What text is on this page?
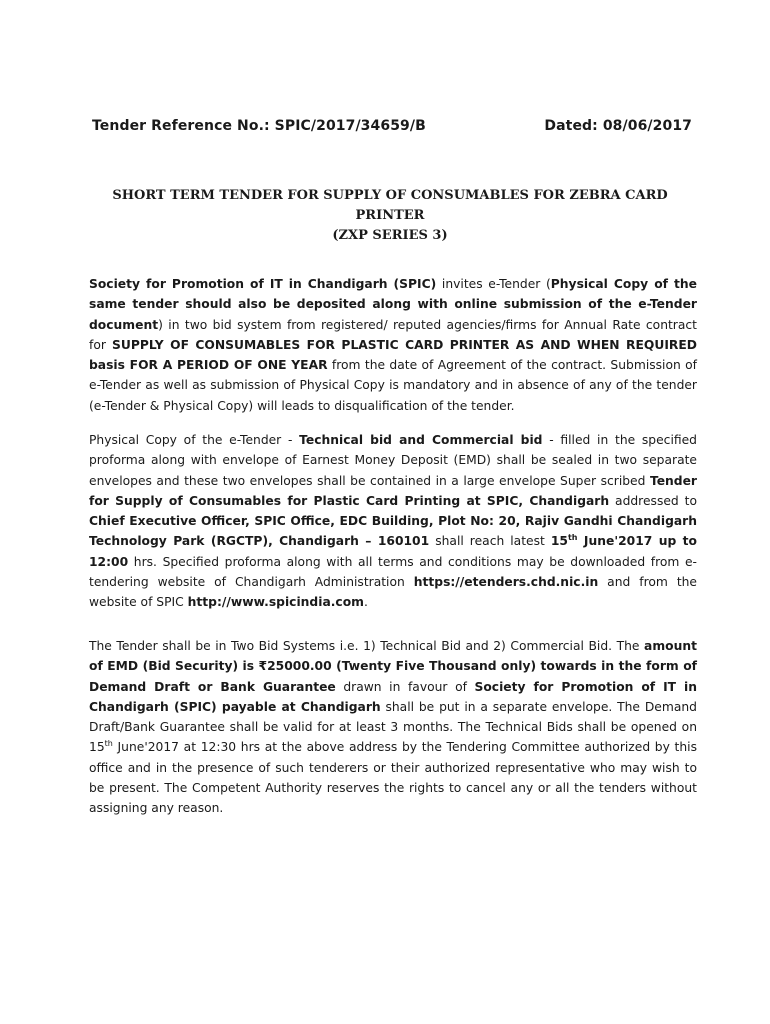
Tender Reference No.: SPIC/2017/34659/B	Dated: 08/06/2017
SHORT TERM TENDER FOR SUPPLY OF CONSUMABLES FOR ZEBRA CARD PRINTER
(ZXP SERIES 3)
Society for Promotion of IT in Chandigarh (SPIC) invites e-Tender (Physical Copy of the same tender should also be deposited along with online submission of the e-Tender document) in two bid system from registered/ reputed agencies/firms for Annual Rate contract for SUPPLY OF CONSUMABLES FOR PLASTIC CARD PRINTER AS AND WHEN REQUIRED basis FOR A PERIOD OF ONE YEAR from the date of Agreement of the contract. Submission of e-Tender as well as submission of Physical Copy is mandatory and in absence of any of the tender (e-Tender & Physical Copy) will leads to disqualification of the tender.
Physical Copy of the e-Tender - Technical bid and Commercial bid - filled in the specified proforma along with envelope of Earnest Money Deposit (EMD) shall be sealed in two separate envelopes and these two envelopes shall be contained in a large envelope Super scribed Tender for Supply of Consumables for Plastic Card Printing at SPIC, Chandigarh addressed to Chief Executive Officer, SPIC Office, EDC Building, Plot No: 20, Rajiv Gandhi Chandigarh Technology Park (RGCTP), Chandigarh – 160101 shall reach latest 15th June'2017 up to 12:00 hrs. Specified proforma along with all terms and conditions may be downloaded from e-tendering website of Chandigarh Administration https://etenders.chd.nic.in and from the website of SPIC http://www.spicindia.com.
The Tender shall be in Two Bid Systems i.e. 1) Technical Bid and 2) Commercial Bid. The amount of EMD (Bid Security) is ₹25000.00 (Twenty Five Thousand only) towards in the form of Demand Draft or Bank Guarantee drawn in favour of Society for Promotion of IT in Chandigarh (SPIC) payable at Chandigarh shall be put in a separate envelope. The Demand Draft/Bank Guarantee shall be valid for at least 3 months. The Technical Bids shall be opened on 15th June'2017 at 12:30 hrs at the above address by the Tendering Committee authorized by this office and in the presence of such tenderers or their authorized representative who may wish to be present. The Competent Authority reserves the rights to cancel any or all the tenders without assigning any reason.
